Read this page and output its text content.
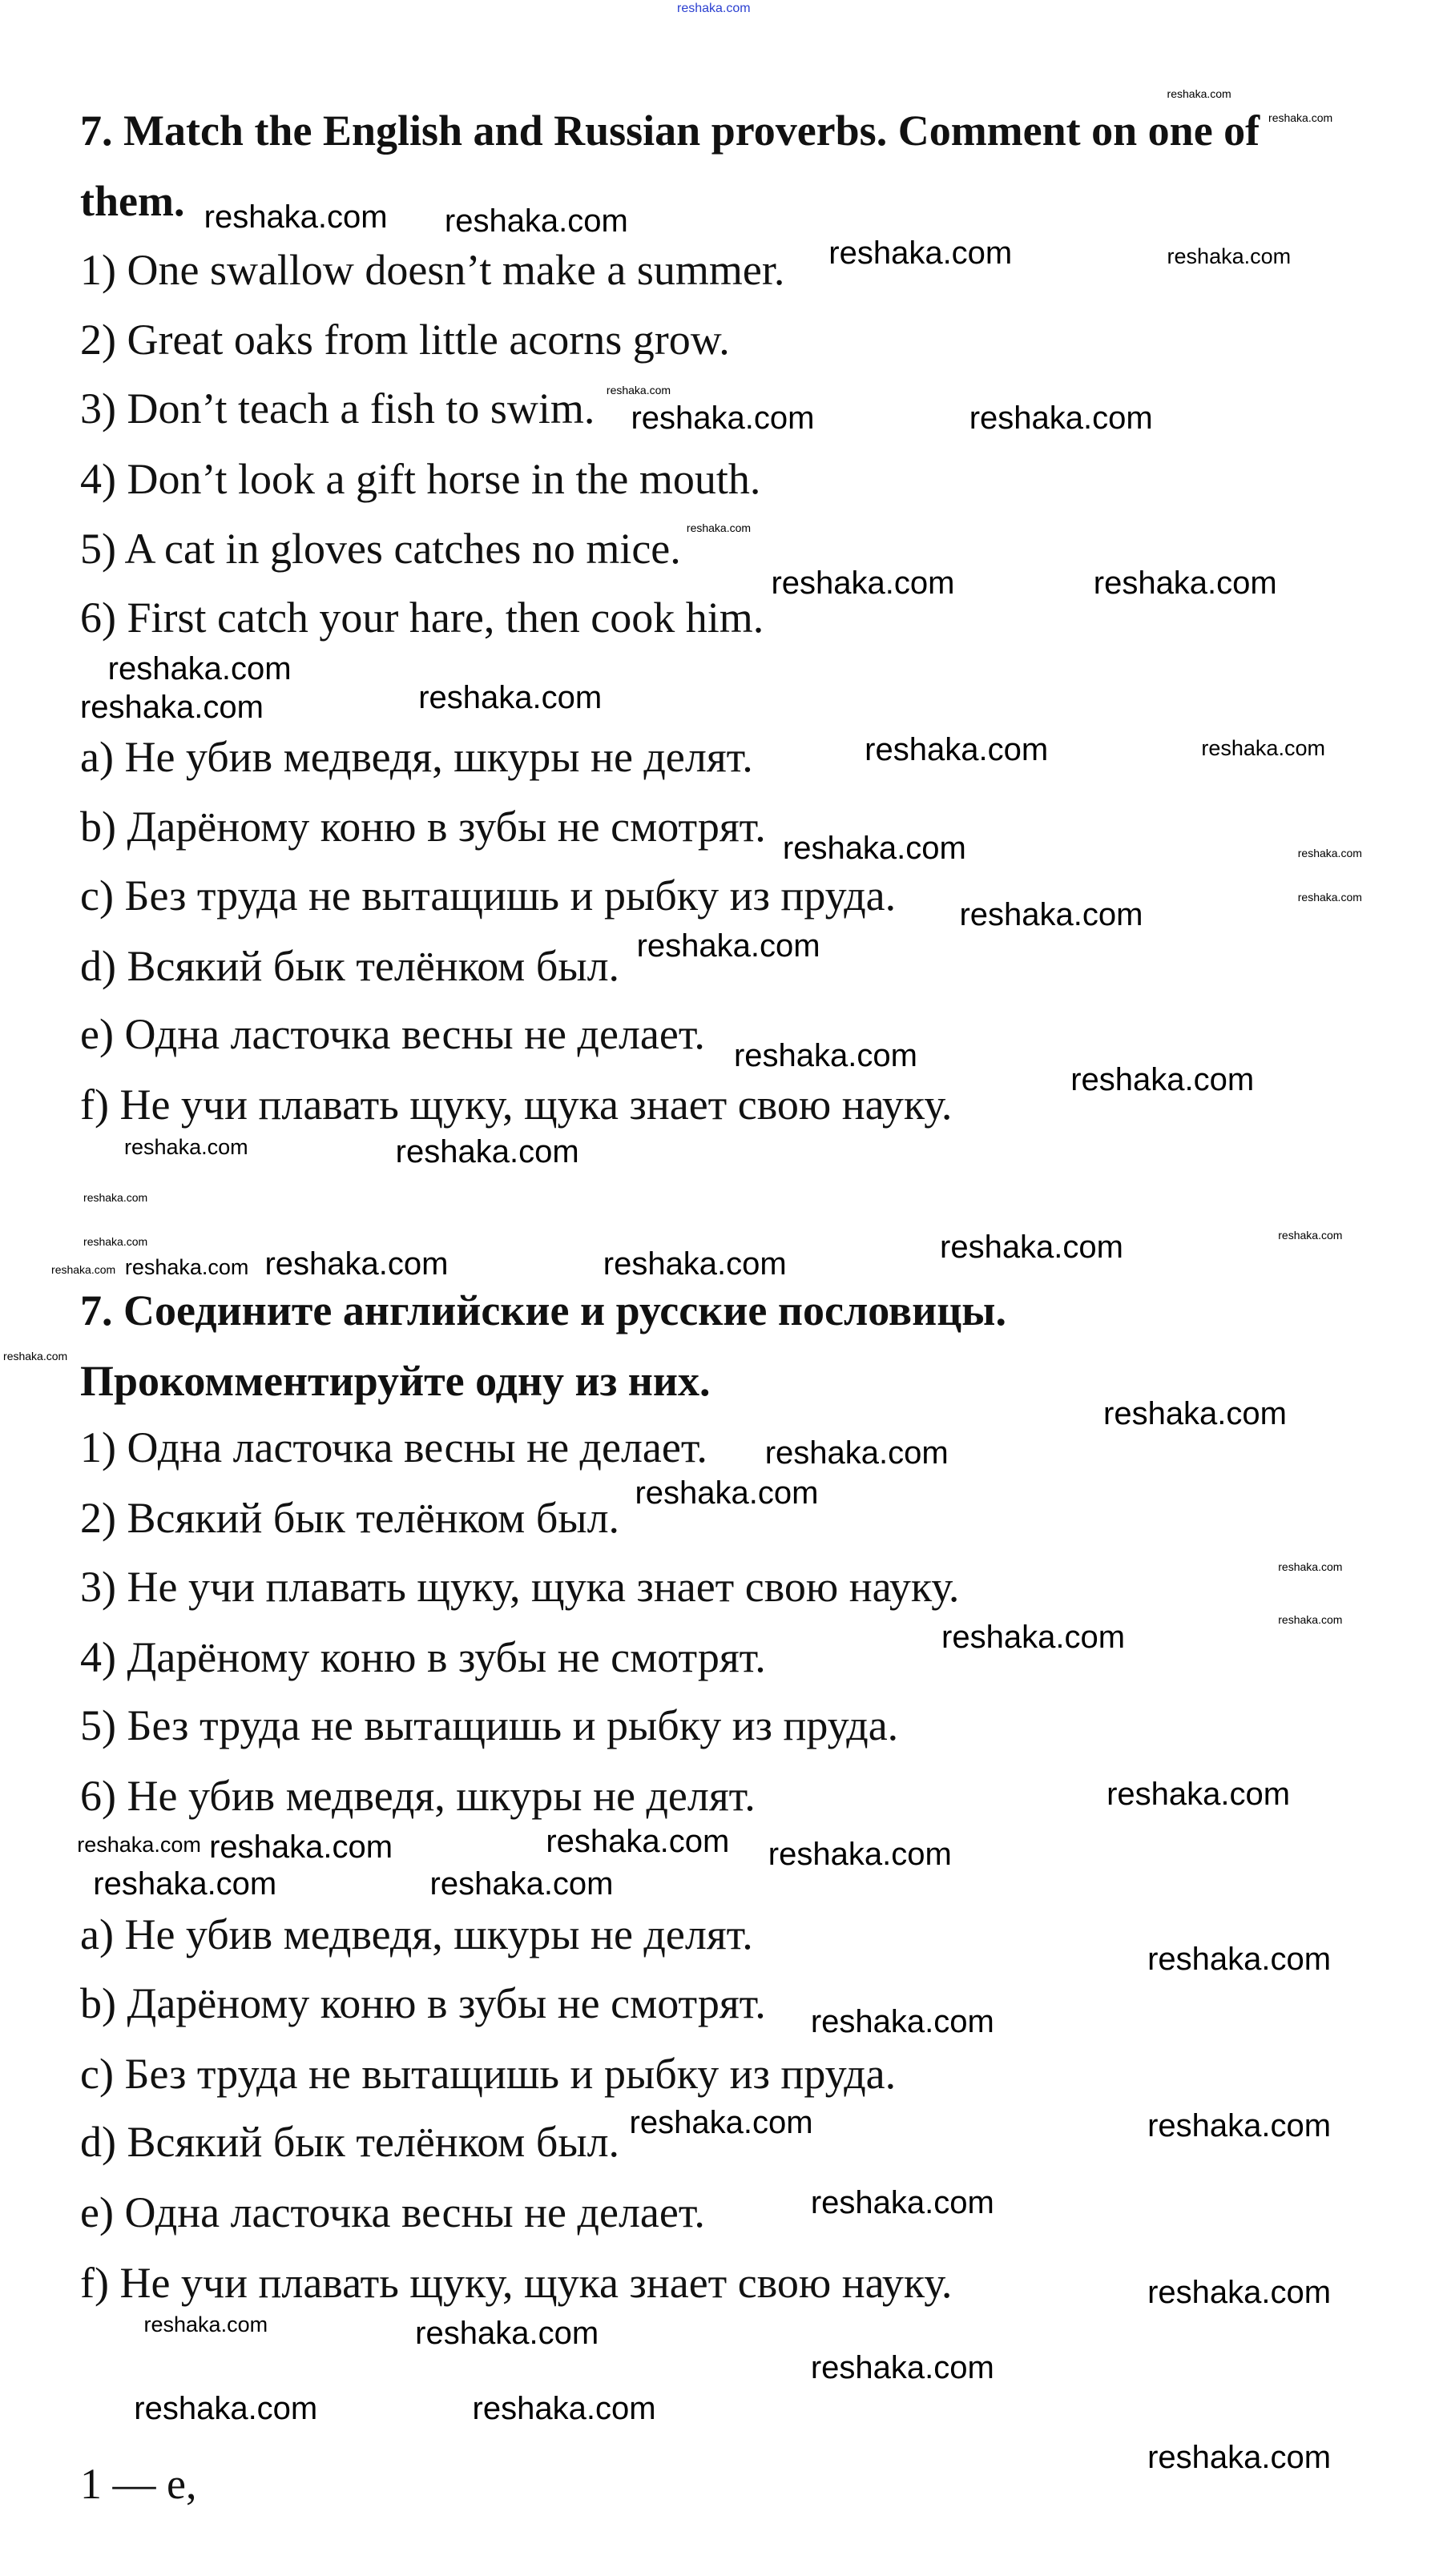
reshaka.com
7. Match the English and Russian proverbs. Comment on one of
them.
1) One swallow doesn’t make a summer.
2) Great oaks from little acorns grow.
3) Don’t teach a fish to swim.
4) Don’t look a gift horse in the mouth.
5) A cat in gloves catches no mice.
6) First catch your hare, then cook him.
a) Не убив медведя, шкуры не делят.
b) Дарёному коню в зубы не смотрят.
c) Без труда не вытащишь и рыбку из пруда.
d) Всякий бык телёнком был.
e) Одна ласточка весны не делает.
f) Не учи плавать щуку, щука знает свою науку.
7. Соедините английские и русские пословицы.
Прокомментируйте одну из них.
1) Одна ласточка весны не делает.
2) Всякий бык телёнком был.
3) Не учи плавать щуку, щука знает свою науку.
4) Дарёному коню в зубы не смотрят.
5) Без труда не вытащишь и рыбку из пруда.
6) Не убив медведя, шкуры не делят.
a) Не убив медведя, шкуры не делят.
b) Дарёному коню в зубы не смотрят.
c) Без труда не вытащишь и рыбку из пруда.
d) Всякий бык телёнком был.
e) Одна ласточка весны не делает.
f) Не учи плавать щуку, щука знает свою науку.
1 — e,
reshaka.com
reshaka.com	reshaka.com
reshaka.com
reshaka.com	reshaka.com
reshaka.com
reshaka.com	reshaka.com
reshaka.com	reshaka.com
reshaka.com	reshaka.com
reshaka.com
reshaka.com
reshaka.com
reshaka.com	reshaka.com
reshaka.com
reshaka.com
reshaka.com
reshaka.com	reshaka.com
reshaka.com
reshaka.com
reshaka.com
reshaka.com
reshaka.com
reshaka.com
reshaka.com
reshaka.com
reshaka.com	reshaka.com
reshaka.com
reshaka.com
reshaka.com
reshaka.com
reshaka.com
reshaka.com
reshaka.com
reshaka.com	reshaka.com
reshaka.com
reshaka.com
reshaka.com	reshaka.com
reshaka.com
reshaka.com
reshaka.com
reshaka.com
reshaka.com
reshaka.com
reshaka.com
reshaka.com
reshaka.com
reshaka.com
reshaka.com
reshaka.com
reshaka.com
reshaka.com
